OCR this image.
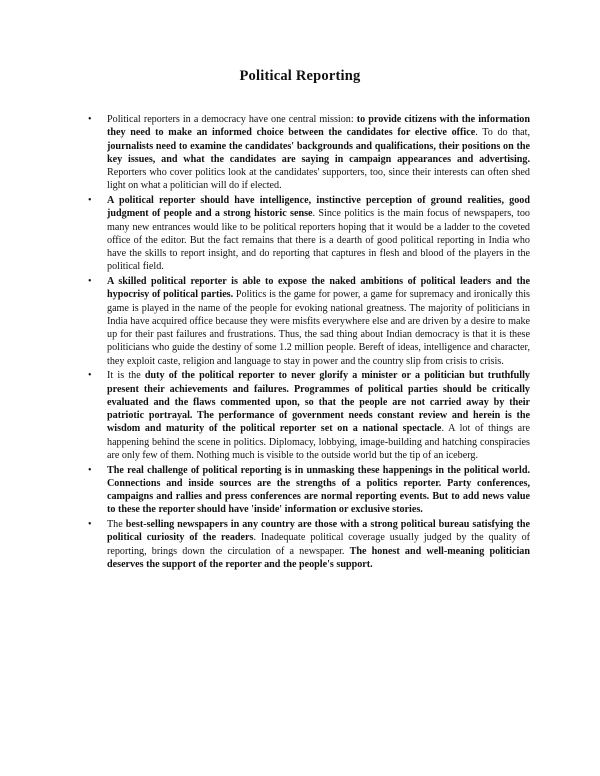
Political Reporting
• Political reporters in a democracy have one central mission: to provide citizens with the information they need to make an informed choice between the candidates for elective office. To do that, journalists need to examine the candidates' backgrounds and qualifications, their positions on the key issues, and what the candidates are saying in campaign appearances and advertising. Reporters who cover politics look at the candidates' supporters, too, since their interests can often shed light on what a politician will do if elected.
• A political reporter should have intelligence, instinctive perception of ground realities, good judgment of people and a strong historic sense. Since politics is the main focus of newspapers, too many new entrances would like to be political reporters hoping that it would be a ladder to the coveted office of the editor. But the fact remains that there is a dearth of good political reporting in India who have the skills to report insight, and do reporting that captures in flesh and blood of the players in the political field.
• A skilled political reporter is able to expose the naked ambitions of political leaders and the hypocrisy of political parties. Politics is the game for power, a game for supremacy and ironically this game is played in the name of the people for evoking national greatness. The majority of politicians in India have acquired office because they were misfits everywhere else and are driven by a desire to make up for their past failures and frustrations. Thus, the sad thing about Indian democracy is that it is these politicians who guide the destiny of some 1.2 million people. Bereft of ideas, intelligence and character, they exploit caste, religion and language to stay in power and the country slip from crisis to crisis.
• It is the duty of the political reporter to never glorify a minister or a politician but truthfully present their achievements and failures. Programmes of political parties should be critically evaluated and the flaws commented upon, so that the people are not carried away by their patriotic portrayal. The performance of government needs constant review and herein is the wisdom and maturity of the political reporter set on a national spectacle. A lot of things are happening behind the scene in politics. Diplomacy, lobbying, image-building and hatching conspiracies are only few of them. Nothing much is visible to the outside world but the tip of an iceberg.
• The real challenge of political reporting is in unmasking these happenings in the political world. Connections and inside sources are the strengths of a politics reporter. Party conferences, campaigns and rallies and press conferences are normal reporting events. But to add news value to these the reporter should have 'inside' information or exclusive stories.
• The best-selling newspapers in any country are those with a strong political bureau satisfying the political curiosity of the readers. Inadequate political coverage usually judged by the quality of reporting, brings down the circulation of a newspaper. The honest and well-meaning politician deserves the support of the reporter and the people's support.
